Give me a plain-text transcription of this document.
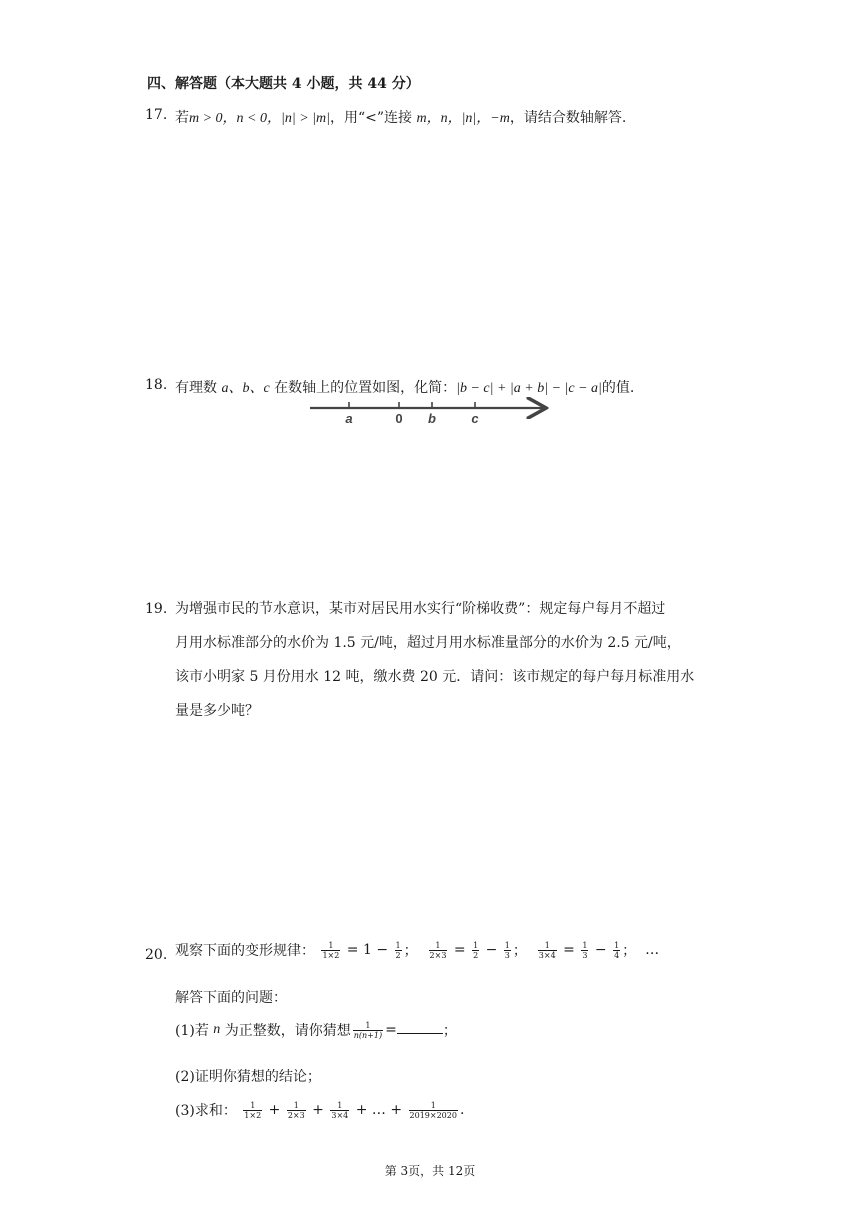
四、解答题（本大题共 4 小题，共 44 分）
17. 若m > 0，n < 0，|n| > |m|，用“<”连接 m，n，|n|，−m，请结合数轴解答.
18. 有理数 a、b、c 在数轴上的位置如图，化简：|b − c| + |a + b| − |c − a|的值.
a	0 b	c
19. 为增强市民的节水意识，某市对居民用水实行“阶梯收费”：规定每户每月不超过
月用水标准部分的水价为 1.5 元/吨，超过月用水标准量部分的水价为 2.5 元/吨，
该市小明家 5 月份用水 12 吨，缴水费 20 元．请问：该市规定的每户每月标准用水
量是多少吨？
20. 观察下面的变形规律： $\frac{1}{1\times 2} = 1 - \frac{1}{2}$ ； $\frac{1}{2\times 3} = \frac{1}{2} - \frac{1}{3}$ ； $\frac{1}{3\times 4} = \frac{1}{3} - \frac{1}{4}$ ； …
解答下面的问题：
(1)若 n 为正整数，请你猜想 $\frac{1}{n(n+1)}$ =	；
(2)证明你猜想的结论；
(3)求和： $\frac{1}{1\times 2} + \frac{1}{2\times 3} + \frac{1}{3\times 4}$ + … + $\frac{1}{2019\times 2020}$ .
第 3页，共 12页
